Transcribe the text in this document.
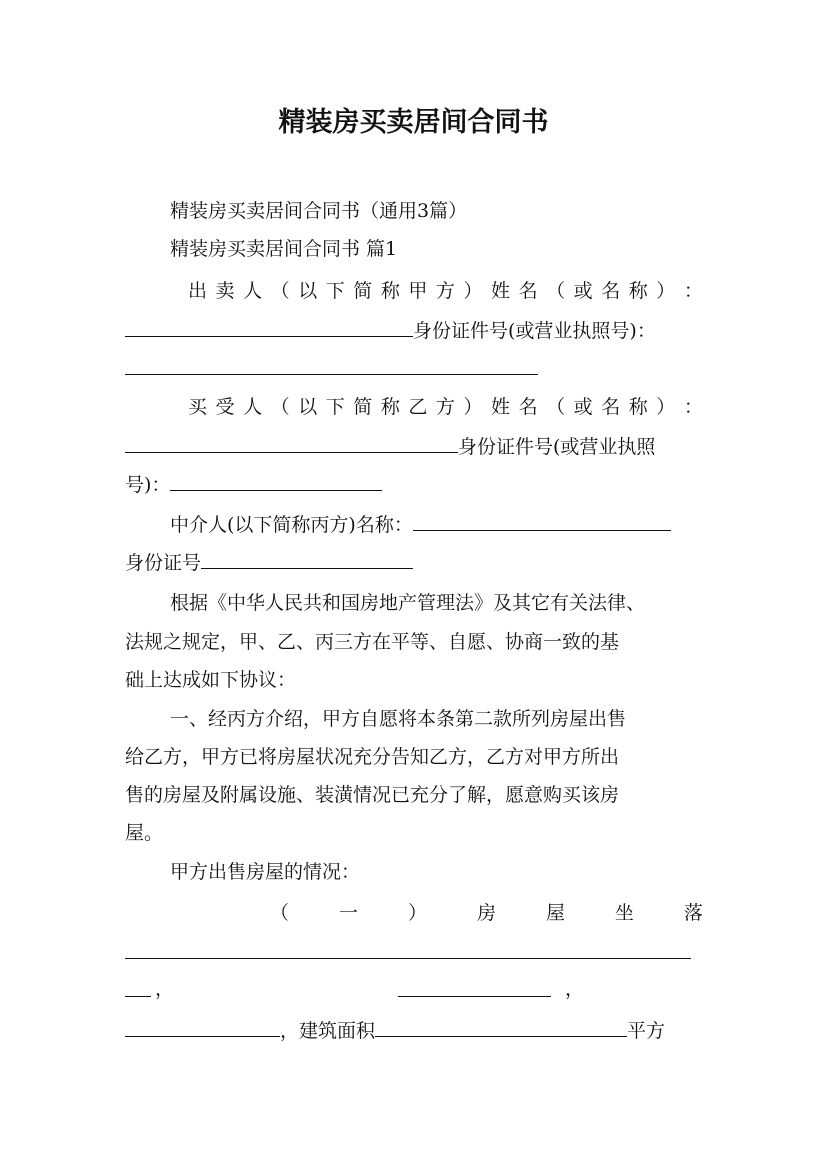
精装房买卖居间合同书
精装房买卖居间合同书（通用3篇）
精装房买卖居间合同书 篇1
出 卖 人 （ 以 下 简 称 甲 方 ） 姓 名 （ 或 名 称 ） ：
身份证件号(或营业执照号)：
买 受 人 （ 以 下 简 称 乙 方 ） 姓 名 （ 或 名 称 ） ：
身份证件号(或营业执照
号)：
中介人(以下简称丙方)名称：
身份证号
根据《中华人民共和国房地产管理法》及其它有关法律、
法规之规定，甲、乙、丙三方在平等、自愿、协商一致的基
础上达成如下协议：
一、经丙方介绍，甲方自愿将本条第二款所列房屋出售
给乙方，甲方已将房屋状况充分告知乙方，乙方对甲方所出
售的房屋及附属设施、装潢情况已充分了解，愿意购买该房
屋。
甲方出售房屋的情况：
（	一	）	房	屋	坐	落
，	，
，建筑面积	平方
